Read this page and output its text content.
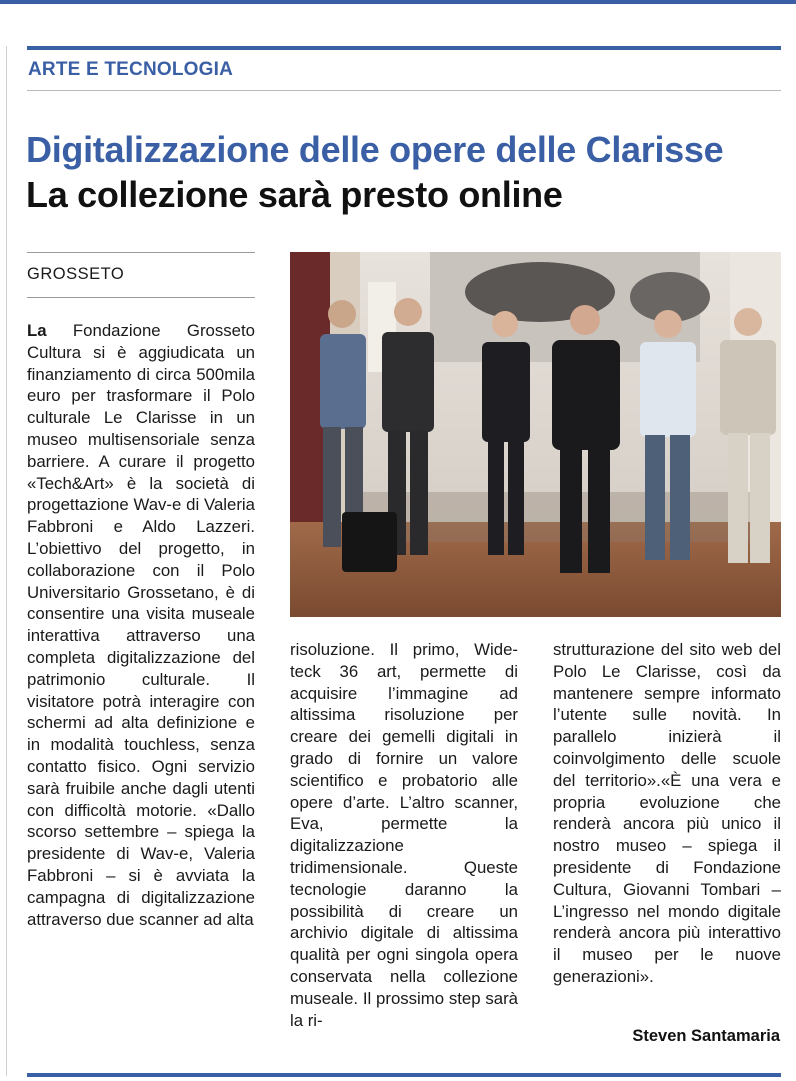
ARTE E TECNOLOGIA
Digitalizzazione delle opere delle Clarisse
La collezione sarà presto online
GROSSETO
La Fondazione Grosseto Cultura si è aggiudicata un finanziamento di circa 500mila euro per trasformare il Polo culturale Le Clarisse in un museo multisensoriale senza barriere. A curare il progetto «Tech&Art» è la società di progettazione Wav-e di Valeria Fabbroni e Aldo Lazzeri. L’obiettivo del progetto, in collaborazione con il Polo Universitario Grossetano, è di consentire una visita museale interattiva attraverso una completa digitalizzazione del patrimonio culturale. Il visitatore potrà interagire con schermi ad alta definizione e in modalità touchless, senza contatto fisico. Ogni servizio sarà fruibile anche dagli utenti con difficoltà motorie. «Dallo scorso settembre – spiega la presidente di Wav-e, Valeria Fabbroni – si è avviata la campagna di digitalizzazione attraverso due scanner ad alta
risoluzione. Il primo, Wide-teck 36 art, permette di acquisire l’immagine ad altissima risoluzione per creare dei gemelli digitali in grado di fornire un valore scientifico e probatorio alle opere d’arte. L’altro scanner, Eva, permette la digitalizzazione tridimensionale. Queste tecnologie daranno la possibilità di creare un archivio digitale di altissima qualità per ogni singola opera conservata nella collezione museale. Il prossimo step sarà la ri-
strutturazione del sito web del Polo Le Clarisse, così da mantenere sempre informato l’utente sulle novità. In parallelo inizierà il coinvolgimento delle scuole del territorio».«È una vera e propria evoluzione che renderà ancora più unico il nostro museo – spiega il presidente di Fondazione Cultura, Giovanni Tombari – L’ingresso nel mondo digitale renderà ancora più interattivo il museo per le nuove generazioni».
Steven Santamaria
